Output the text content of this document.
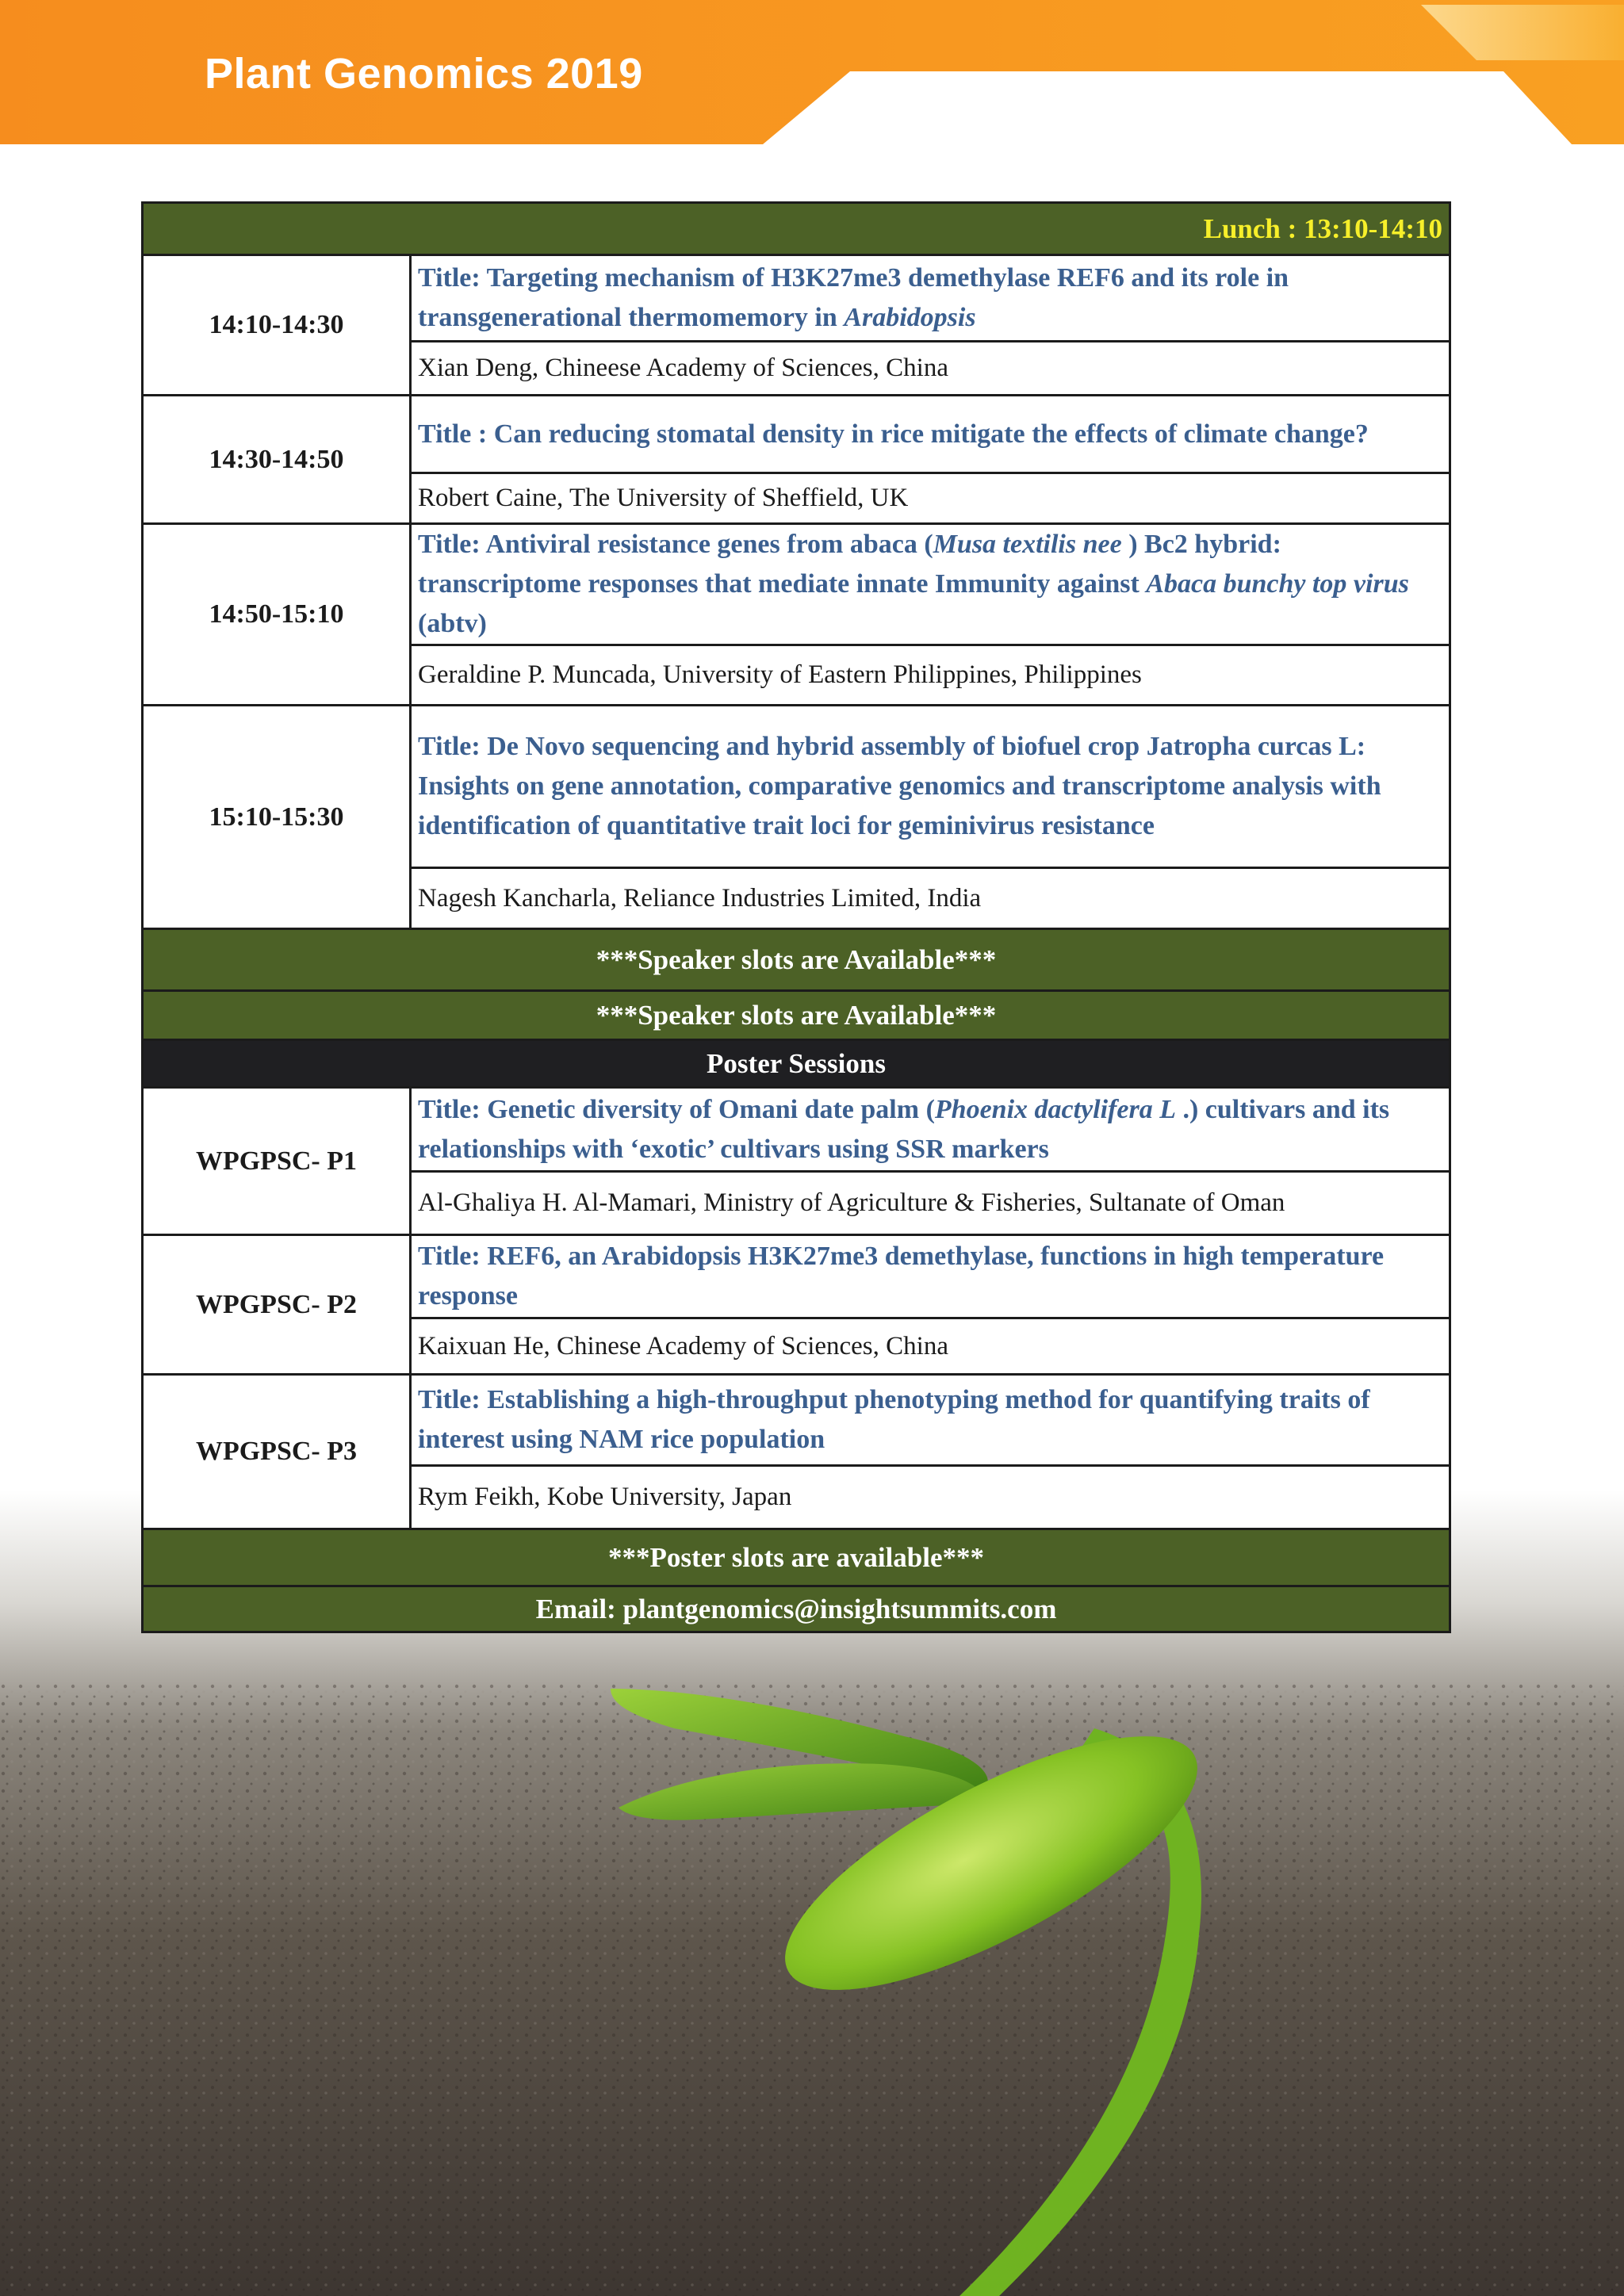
Plant Genomics 2019
Lunch : 13:10-14:10	
14:10-14:30	Title: Targeting mechanism of H3K27me3 demethylase REF6 and its role in transgenerational thermomemory in Arabidopsis
	Xian Deng, Chineese Academy of Sciences, China
14:30-14:50	Title : Can reducing stomatal density in rice mitigate the effects of climate change?
	Robert Caine, The University of Sheffield, UK
14:50-15:10	Title: Antiviral resistance genes from abaca (Musa textilis nee ) Bc2 hybrid: transcriptome responses that mediate innate Immunity against Abaca bunchy top virus (abtv)
	Geraldine P. Muncada, University of Eastern Philippines, Philippines
15:10-15:30	Title: De Novo sequencing and hybrid assembly of biofuel crop Jatropha curcas L: Insights on gene annotation, comparative genomics and transcriptome analysis with identification of quantitative trait loci for geminivirus resistance
	Nagesh Kancharla, Reliance Industries Limited, India
***Speaker slots are Available***	
***Speaker slots are Available***	
Poster Sessions	
WPGPSC- P1	Title: Genetic diversity of Omani date palm (Phoenix dactylifera L .) cultivars and its relationships with ‘exotic’ cultivars using SSR markers
	Al-Ghaliya H. Al-Mamari, Ministry of Agriculture & Fisheries, Sultanate of Oman
WPGPSC- P2	Title: REF6, an Arabidopsis H3K27me3 demethylase, functions in high temperature response
	Kaixuan He, Chinese Academy of Sciences, China
WPGPSC- P3	Title: Establishing a high-throughput phenotyping method for quantifying traits of interest using NAM rice population
	Rym Feikh, Kobe University, Japan
***Poster slots are available***	
Email: plantgenomics@insightsummits.com	
